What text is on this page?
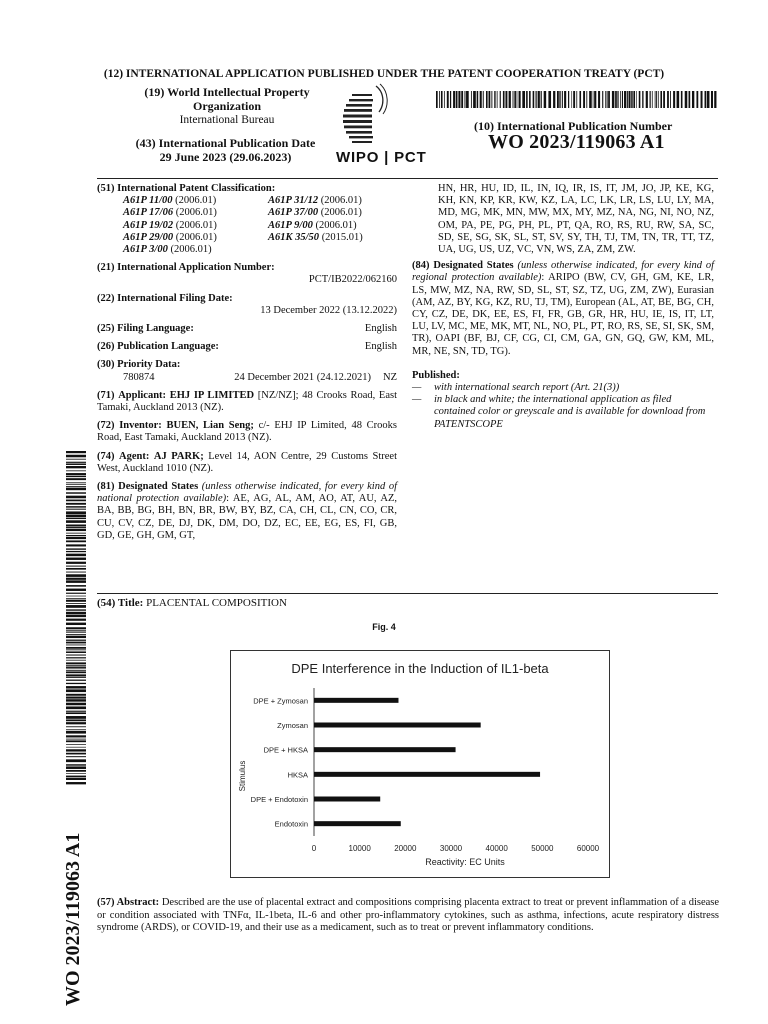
(12) INTERNATIONAL APPLICATION PUBLISHED UNDER THE PATENT COOPERATION TREATY (PCT)
(19) World Intellectual Property
Organization
International Bureau
(43) International Publication Date
29 June 2023 (29.06.2023)	WIPO | PCT
(10) International Publication Number
WO 2023/119063 A1
(51) International Patent Classification:
A61P 11/00 (2006.01)	A61P 31/12 (2006.01)
A61P 17/06 (2006.01)	A61P 37/00 (2006.01)
A61P 19/02 (2006.01)	A61P 9/00 (2006.01)
A61P 29/00 (2006.01)	A61K 35/50 (2015.01)
A61P 3/00 (2006.01)
(21) International Application Number:
PCT/IB2022/062160
(22) International Filing Date:
13 December 2022 (13.12.2022)
(25) Filing Language:	English
(26) Publication Language:	English
(30) Priority Data:
780874	24 December 2021 (24.12.2021) NZ
(71) Applicant: EHJ IP LIMITED [NZ/NZ]; 48 Crooks Road, East Tamaki, Auckland 2013 (NZ).
(72) Inventor: BUEN, Lian Seng; c/- EHJ IP Limited, 48 Crooks Road, East Tamaki, Auckland 2013 (NZ).
(74) Agent: AJ PARK; Level 14, AON Centre, 29 Customs Street West, Auckland 1010 (NZ).
(81) Designated States (unless otherwise indicated, for every kind of national protection available): AE, AG, AL, AM, AO, AT, AU, AZ, BA, BB, BG, BH, BN, BR, BW, BY, BZ, CA, CH, CL, CN, CO, CR, CU, CV, CZ, DE, DJ, DK, DM, DO, DZ, EC, EE, EG, ES, FI, GB, GD, GE, GH, GM, GT,
HN, HR, HU, ID, IL, IN, IQ, IR, IS, IT, JM, JO, JP, KE, KG, KH, KN, KP, KR, KW, KZ, LA, LC, LK, LR, LS, LU, LY, MA, MD, MG, MK, MN, MW, MX, MY, MZ, NA, NG, NI, NO, NZ, OM, PA, PE, PG, PH, PL, PT, QA, RO, RS, RU, RW, SA, SC, SD, SE, SG, SK, SL, ST, SV, SY, TH, TJ, TM, TN, TR, TT, TZ, UA, UG, US, UZ, VC, VN, WS, ZA, ZM, ZW.
(84) Designated States (unless otherwise indicated, for every kind of regional protection available): ARIPO (BW, CV, GH, GM, KE, LR, LS, MW, MZ, NA, RW, SD, SL, ST, SZ, TZ, UG, ZM, ZW), Eurasian (AM, AZ, BY, KG, KZ, RU, TJ, TM), European (AL, AT, BE, BG, CH, CY, CZ, DE, DK, EE, ES, FI, FR, GB, GR, HR, HU, IE, IS, IT, LT, LU, LV, MC, ME, MK, MT, NL, NO, PL, PT, RO, RS, SE, SI, SK, SM, TR), OAPI (BF, BJ, CF, CG, CI, CM, GA, GN, GQ, GW, KM, ML, MR, NE, SN, TD, TG).
Published:
—	with international search report (Art. 21(3))
—	in black and white; the international application as filed contained color or greyscale and is available for download from PATENTSCOPE
WO 2023/119063 A1
(54) Title: PLACENTAL COMPOSITION
Fig. 4
DPE Interference in the Induction of IL1-beta
Stimulus
Reactivity: EC Units
DPE + Zymosan
Zymosan
DPE + HKSA
HKSA
DPE + Endotoxin
Endotoxin
0	10000	20000	30000	40000	50000	60000
(57) Abstract: Described are the use of placental extract and compositions comprising placenta extract to treat or prevent inflammation of a disease or condition associated with TNFα, IL-1beta, IL-6 and other pro-inflammatory cytokines, such as asthma, infections, acute respiratory distress syndrome (ARDS), or COVID-19, and their use as a medicament, such as to treat or prevent inflammatory conditions.
